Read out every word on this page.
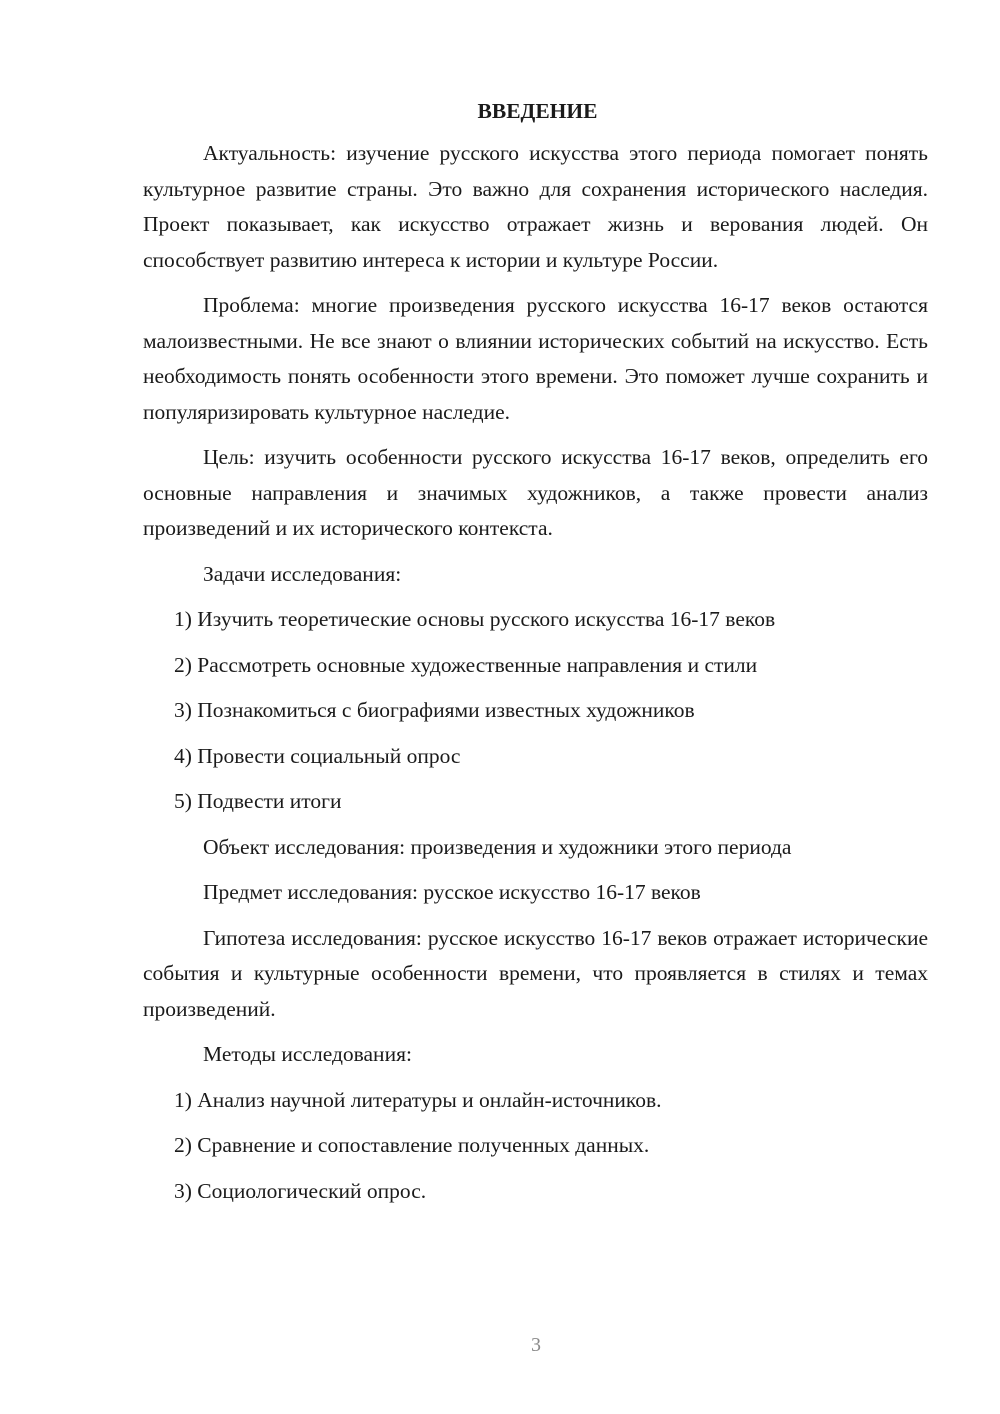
ВВЕДЕНИЕ

Актуальность: изучение русского искусства этого периода помогает понять культурное развитие страны. Это важно для сохранения исторического наследия. Проект показывает, как искусство отражает жизнь и верования людей. Он способствует развитию интереса к истории и культуре России.

Проблема: многие произведения русского искусства 16-17 веков остаются малоизвестными. Не все знают о влиянии исторических событий на искусство. Есть необходимость понять особенности этого времени. Это поможет лучше сохранить и популяризировать культурное наследие.

Цель: изучить особенности русского искусства 16-17 веков, определить его основные направления и значимых художников, а также провести анализ произведений и их исторического контекста.

Задачи исследования:
1) Изучить теоретические основы русского искусства 16-17 веков
2) Рассмотреть основные художественные направления и стили
3) Познакомиться с биографиями известных художников
4) Провести социальный опрос
5) Подвести итоги
Объект исследования: произведения и художники этого периода
Предмет исследования: русское искусство 16-17 веков

Гипотеза исследования: русское искусство 16-17 веков отражает исторические события и культурные особенности времени, что проявляется в стилях и темах произведений.

Методы исследования:
1) Анализ научной литературы и онлайн-источников.
2) Сравнение и сопоставление полученных данных.
3) Социологический опрос.
3
